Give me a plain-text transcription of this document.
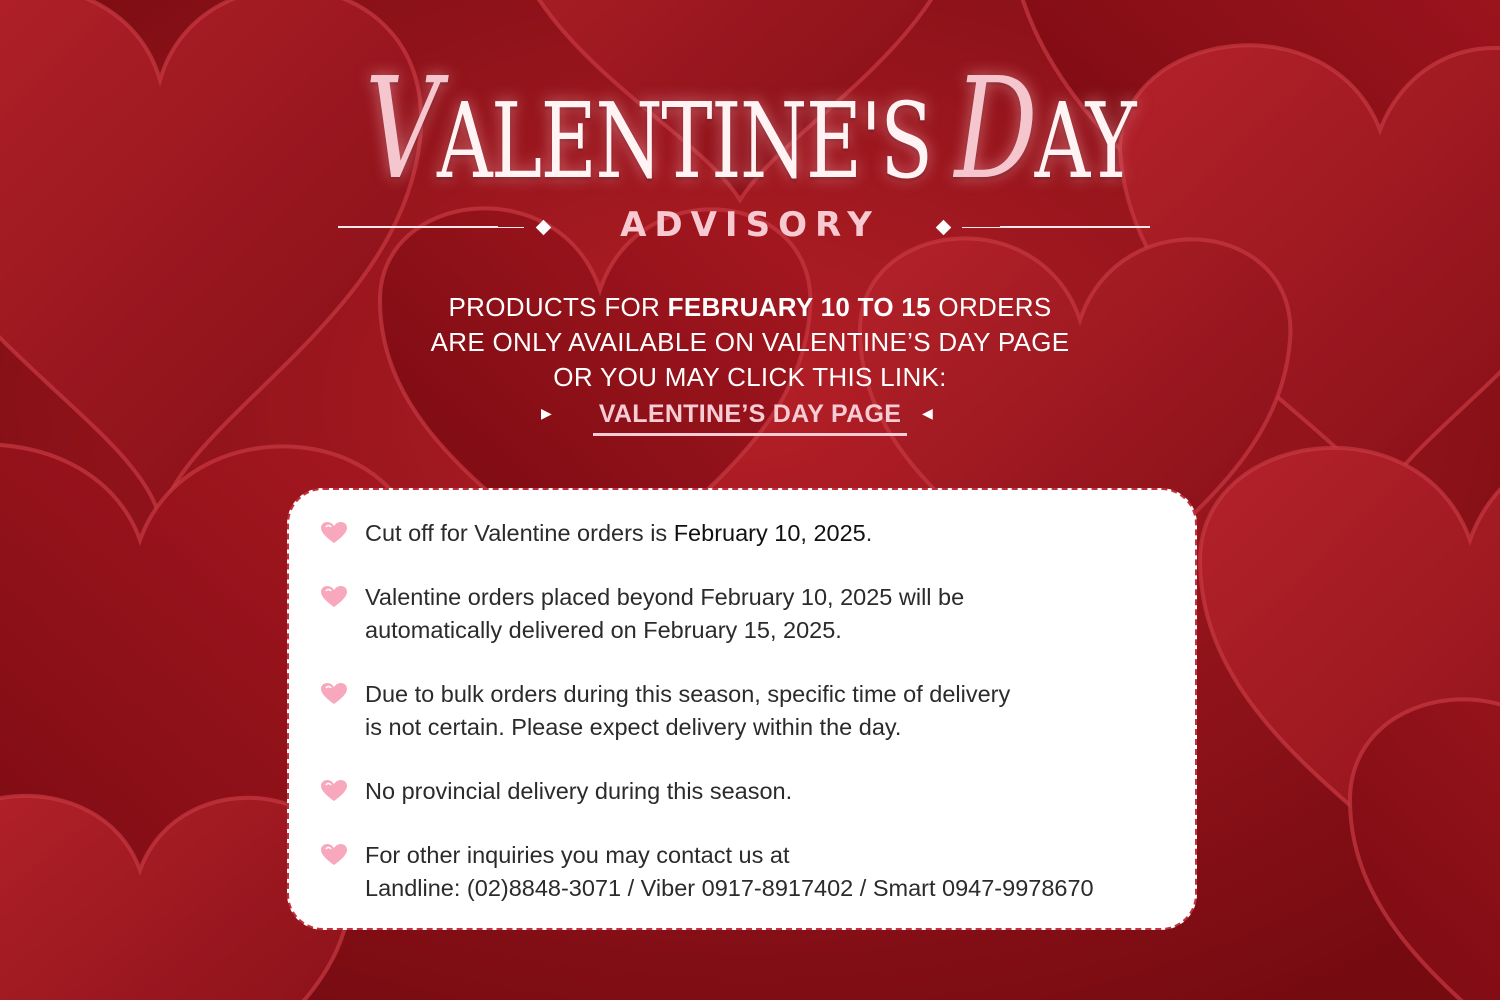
VALENTINE'S DAY
ADVISORY
PRODUCTS FOR FEBRUARY 10 TO 15 ORDERS
ARE ONLY AVAILABLE ON VALENTINE’S DAY PAGE
OR YOU MAY CLICK THIS LINK:
▶	VALENTINE’S DAY PAGE	◀
Cut off for Valentine orders is February 10, 2025.
Valentine orders placed beyond February 10, 2025 will be
automatically delivered on February 15, 2025.
Due to bulk orders during this season, specific time of delivery
is not certain. Please expect delivery within the day.
No provincial delivery during this season.
For other inquiries you may contact us at
Landline: (02)8848-3071 / Viber 0917-8917402 / Smart 0947-9978670
